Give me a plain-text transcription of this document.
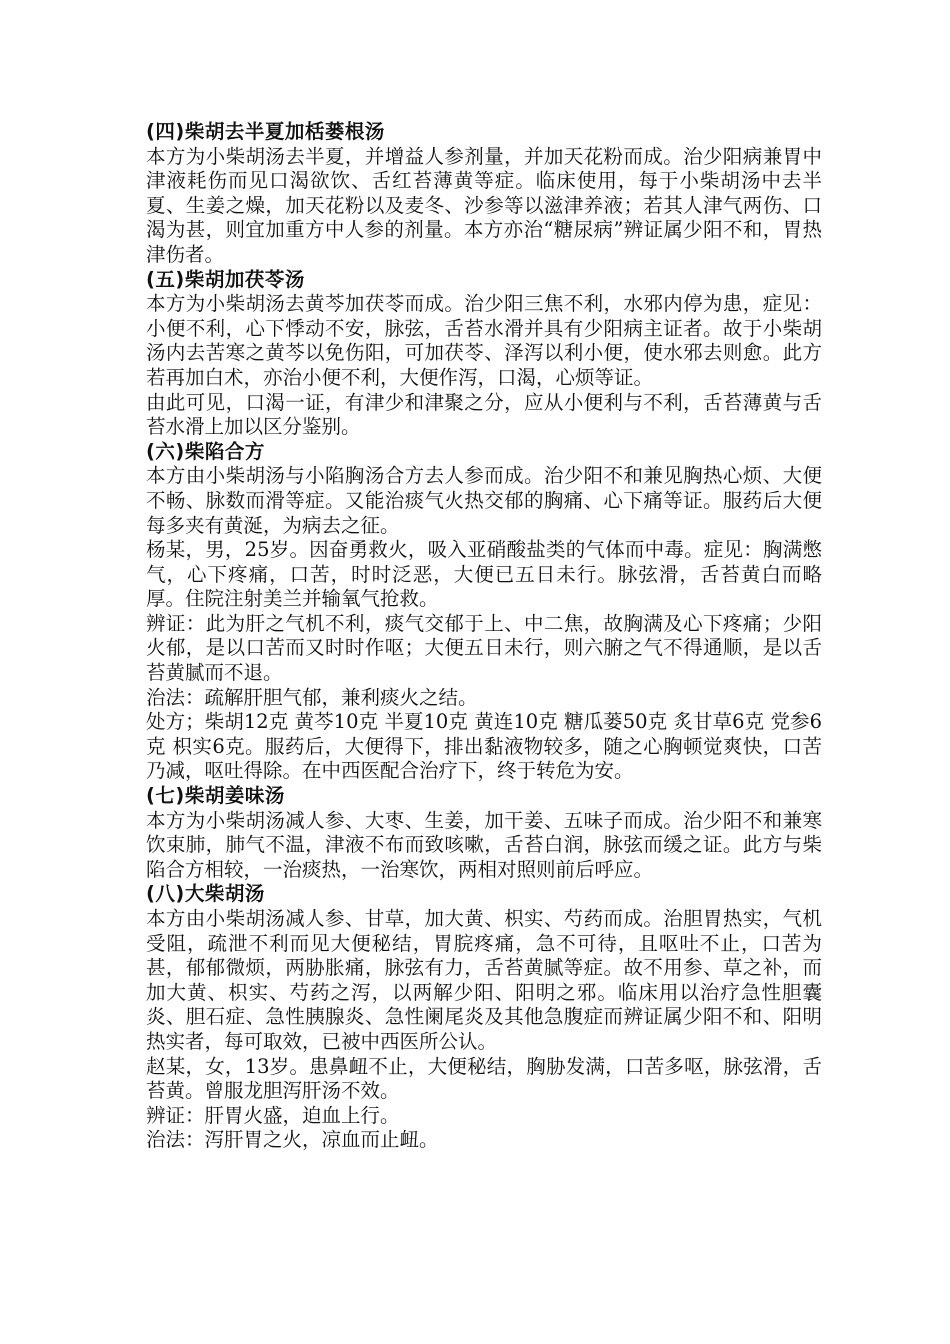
(四)柴胡去半夏加栝蒌根汤

本方为小柴胡汤去半夏，并增益人参剂量，并加天花粉而成。治少阳病兼胃中津液耗伤而见口渴欲饮、舌红苔薄黄等症。临床使用，每于小柴胡汤中去半夏、生姜之燥，加天花粉以及麦冬、沙参等以滋津养液；若其人津气两伤、口渴为甚，则宜加重方中人参的剂量。本方亦治“糖尿病”辨证属少阳不和，胃热津伤者。

(五)柴胡加茯苓汤

本方为小柴胡汤去黄芩加茯苓而成。治少阳三焦不利，水邪内停为患，症见：小便不利，心下悸动不安，脉弦，舌苔水滑并具有少阳病主证者。故于小柴胡汤内去苦寒之黄芩以免伤阳，可加茯苓、泽泻以利小便，使水邪去则愈。此方若再加白术，亦治小便不利，大便作泻，口渴，心烦等证。

由此可见，口渴一证，有津少和津聚之分，应从小便利与不利，舌苔薄黄与舌苔水滑上加以区分鉴别。

(六)柴陷合方

本方由小柴胡汤与小陷胸汤合方去人参而成。治少阳不和兼见胸热心烦、大便不畅、脉数而滑等症。又能治痰气火热交郁的胸痛、心下痛等证。服药后大便每多夹有黄涎，为病去之征。

杨某，男，25岁。因奋勇救火，吸入亚硝酸盐类的气体而中毒。症见：胸满憋气，心下疼痛，口苦，时时泛恶，大便已五日未行。脉弦滑，舌苔黄白而略厚。住院注射美兰并输氧气抢救。

辨证：此为肝之气机不利，痰气交郁于上、中二焦，故胸满及心下疼痛；少阳火郁，是以口苦而又时时作呕；大便五日未行，则六腑之气不得通顺，是以舌苔黄腻而不退。

治法：疏解肝胆气郁，兼利痰火之结。

处方；柴胡12克 黄芩10克 半夏10克 黄连10克 糖瓜蒌50克 炙甘草6克 党参6克 枳实6克。服药后，大便得下，排出黏液物较多，随之心胸顿觉爽快，口苦乃减，呕吐得除。在中西医配合治疗下，终于转危为安。

(七)柴胡姜味汤

本方为小柴胡汤减人参、大枣、生姜，加干姜、五味子而成。治少阳不和兼寒饮束肺，肺气不温，津液不布而致咳嗽，舌苔白润，脉弦而缓之证。此方与柴陷合方相较，一治痰热，一治寒饮，两相对照则前后呼应。

(八)大柴胡汤

本方由小柴胡汤减人参、甘草，加大黄、枳实、芍药而成。治胆胃热实，气机受阻，疏泄不利而见大便秘结，胃脘疼痛，急不可待，且呕吐不止，口苦为甚，郁郁微烦，两胁胀痛，脉弦有力，舌苔黄腻等症。故不用参、草之补，而加大黄、枳实、芍药之泻，以两解少阳、阳明之邪。临床用以治疗急性胆囊炎、胆石症、急性胰腺炎、急性阑尾炎及其他急腹症而辨证属少阳不和、阳明热实者，每可取效，已被中西医所公认。

赵某，女，13岁。患鼻衄不止，大便秘结，胸胁发满，口苦多呕，脉弦滑，舌苔黄。曾服龙胆泻肝汤不效。

辨证：肝胃火盛，迫血上行。

治法：泻肝胃之火，凉血而止衄。
